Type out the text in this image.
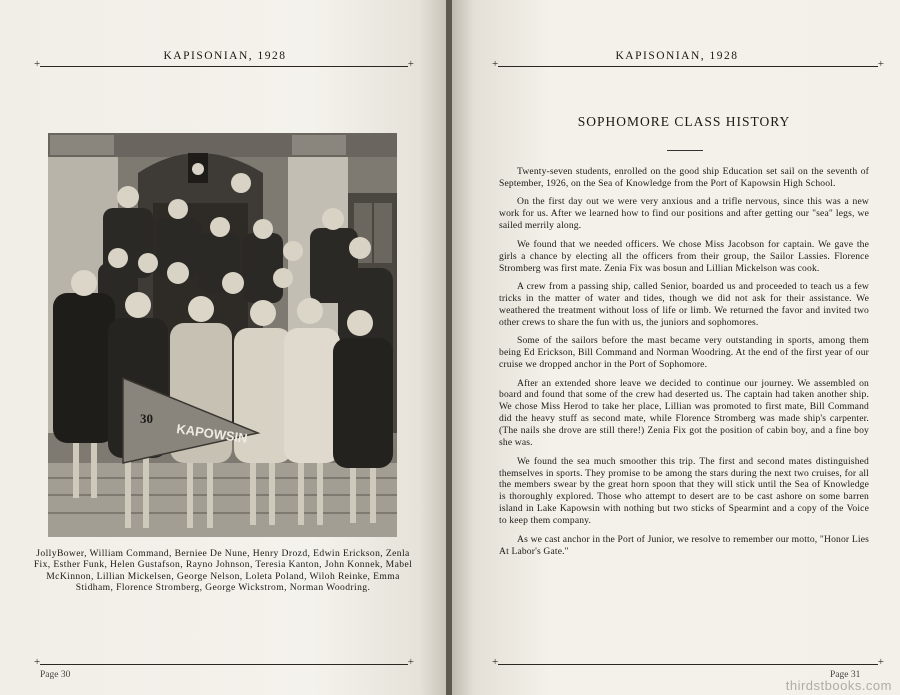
KAPISONIAN, 1928
+ +
30
KAPOWSIN
JollyBower, William Command, Berniee De Nune, Henry Drozd, Edwin Erickson, Zenla Fix, Esther Funk, Helen Gustafson, Rayno Johnson, Teresia Kanton, John Konnek, Mabel McKinnon, Lillian Mickelsen, George Nelson, Loleta Poland, Wiloh Reinke, Emma Stidham, Florence Stromberg, George Wickstrom, Norman Woodring.
+ +
Page 30
KAPISONIAN, 1928
+ +
+ +
Page 31
SOPHOMORE CLASS HISTORY

Twenty-seven students, enrolled on the good ship Education set sail on the seventh of September, 1926, on the Sea of Knowledge from the Port of Kapowsin High School.

On the first day out we were very anxious and a trifle nervous, since this was a new work for us. After we learned how to find our positions and after getting our "sea" legs, we sailed merrily along.

We found that we needed officers. We chose Miss Jacobson for captain. We gave the girls a chance by electing all the officers from their group, the Sailor Lassies. Florence Stromberg was first mate. Zenia Fix was bosun and Lillian Mickelson was cook.

A crew from a passing ship, called Senior, boarded us and proceeded to teach us a few tricks in the matter of water and tides, though we did not ask for their assistance. We weathered the treatment without loss of life or limb. We returned the favor and invited two other crews to share the fun with us, the juniors and sophomores.

Some of the sailors before the mast became very outstanding in sports, among them being Ed Erickson, Bill Command and Norman Woodring. At the end of the first year of our cruise we dropped anchor in the Port of Sophomore.

After an extended shore leave we decided to continue our journey. We assembled on board and found that some of the crew had deserted us. The captain had taken another ship. We chose Miss Herod to take her place, Lillian was promoted to first mate, Bill Command did the heavy stuff as second mate, while Florence Stromberg was made ship's carpenter. (The nails she drove are still there!) Zenia Fix got the position of cabin boy, and a fine boy she was.

We found the sea much smoother this trip. The first and second mates distinguished themselves in sports. They promise to be among the stars during the next two cruises, for all the members swear by the great horn spoon that they will stick until the Sea of Knowledge is thoroughly explored. Those who attempt to desert are to be cast ashore on some barren island in Lake Kapowsin with nothing but two sticks of Spearmint and a copy of the Voice to keep them company.

As we cast anchor in the Port of Junior, we resolve to remember our motto, "Honor Lies At Labor's Gate."

thirdstbooks.com
